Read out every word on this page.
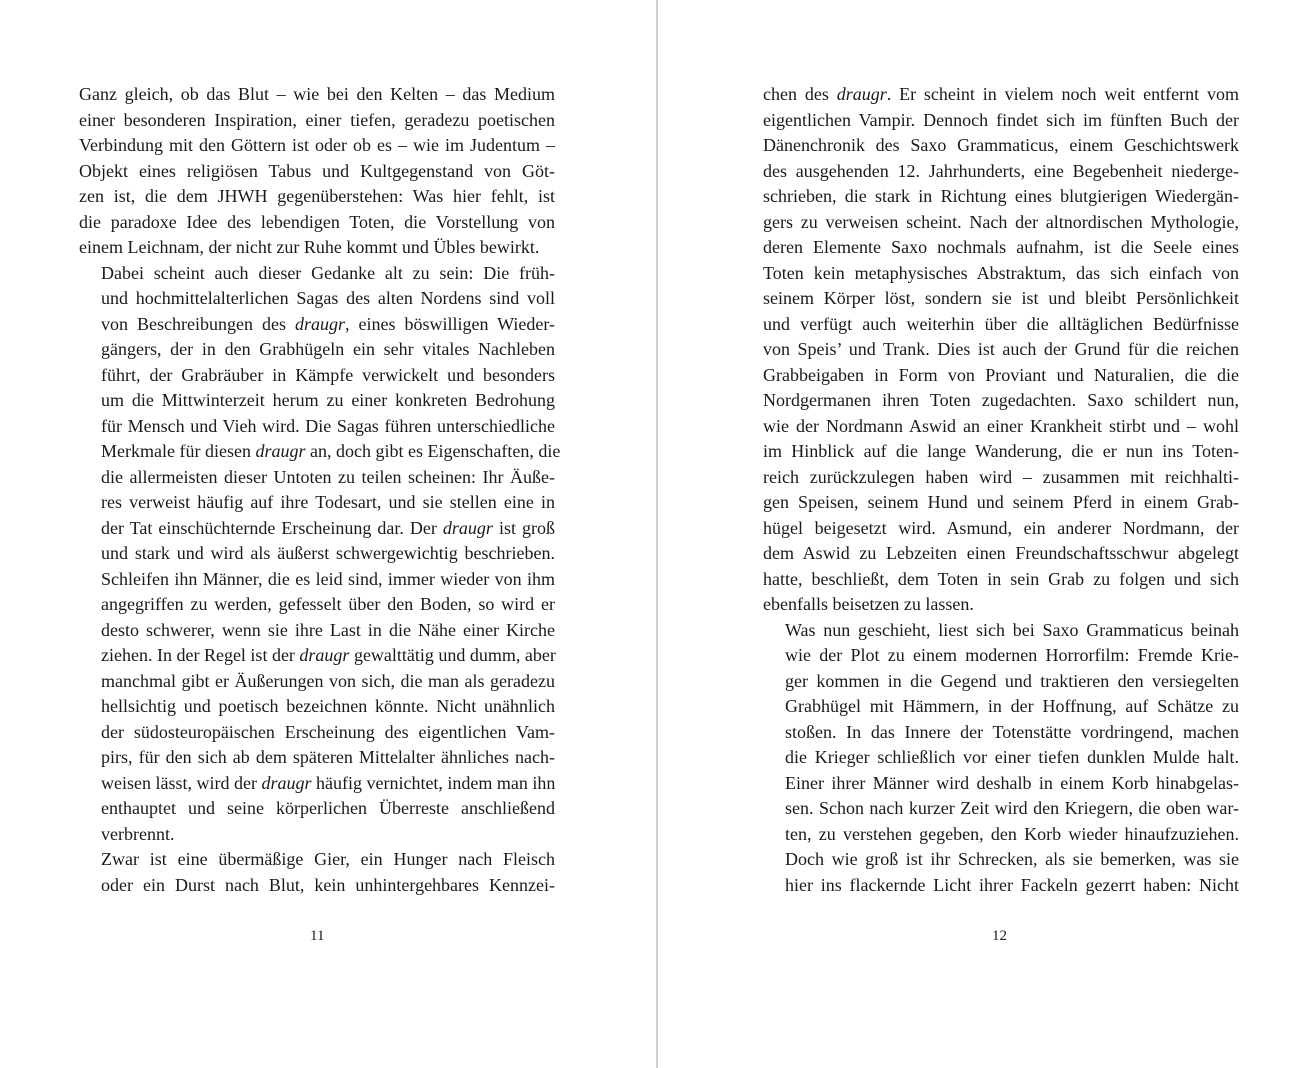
Ganz gleich, ob das Blut – wie bei den Kelten – das Medium
einer besonderen Inspiration, einer tiefen, geradezu poetischen
Verbindung mit den Göttern ist oder ob es – wie im Judentum –
Objekt eines religiösen Tabus und Kultgegenstand von Göt-
zen ist, die dem JHWH gegenüberstehen: Was hier fehlt, ist
die paradoxe Idee des lebendigen Toten, die Vorstellung von
einem Leichnam, der nicht zur Ruhe kommt und Übles bewirkt.
Dabei scheint auch dieser Gedanke alt zu sein: Die früh-
und hochmittelalterlichen Sagas des alten Nordens sind voll
von Beschreibungen des draugr, eines böswilligen Wieder-
gängers, der in den Grabhügeln ein sehr vitales Nachleben
führt, der Grabräuber in Kämpfe verwickelt und besonders
um die Mittwinterzeit herum zu einer konkreten Bedrohung
für Mensch und Vieh wird. Die Sagas führen unterschiedliche
Merkmale für diesen draugr an, doch gibt es Eigenschaften, die
die allermeisten dieser Untoten zu teilen scheinen: Ihr Äuße-
res verweist häufig auf ihre Todesart, und sie stellen eine in
der Tat einschüchternde Erscheinung dar. Der draugr ist groß
und stark und wird als äußerst schwergewichtig beschrieben.
Schleifen ihn Männer, die es leid sind, immer wieder von ihm
angegriffen zu werden, gefesselt über den Boden, so wird er
desto schwerer, wenn sie ihre Last in die Nähe einer Kirche
ziehen. In der Regel ist der draugr gewalttätig und dumm, aber
manchmal gibt er Äußerungen von sich, die man als geradezu
hellsichtig und poetisch bezeichnen könnte. Nicht unähnlich
der südosteuropäischen Erscheinung des eigentlichen Vam-
pirs, für den sich ab dem späteren Mittelalter ähnliches nach-
weisen lässt, wird der draugr häufig vernichtet, indem man ihn
enthauptet und seine körperlichen Überreste anschließend
verbrennt.
Zwar ist eine übermäßige Gier, ein Hunger nach Fleisch
oder ein Durst nach Blut, kein unhintergehbares Kennzei-
11
chen des draugr. Er scheint in vielem noch weit entfernt vom
eigentlichen Vampir. Dennoch findet sich im fünften Buch der
Dänenchronik des Saxo Grammaticus, einem Geschichtswerk
des ausgehenden 12. Jahrhunderts, eine Begebenheit niederge-
schrieben, die stark in Richtung eines blutgierigen Wiedergän-
gers zu verweisen scheint. Nach der altnordischen Mythologie,
deren Elemente Saxo nochmals aufnahm, ist die Seele eines
Toten kein metaphysisches Abstraktum, das sich einfach von
seinem Körper löst, sondern sie ist und bleibt Persönlichkeit
und verfügt auch weiterhin über die alltäglichen Bedürfnisse
von Speis’ und Trank. Dies ist auch der Grund für die reichen
Grabbeigaben in Form von Proviant und Naturalien, die die
Nordgermanen ihren Toten zugedachten. Saxo schildert nun,
wie der Nordmann Aswid an einer Krankheit stirbt und – wohl
im Hinblick auf die lange Wanderung, die er nun ins Toten-
reich zurückzulegen haben wird – zusammen mit reichhalti-
gen Speisen, seinem Hund und seinem Pferd in einem Grab-
hügel beigesetzt wird. Asmund, ein anderer Nordmann, der
dem Aswid zu Lebzeiten einen Freundschaftsschwur abgelegt
hatte, beschließt, dem Toten in sein Grab zu folgen und sich
ebenfalls beisetzen zu lassen.
Was nun geschieht, liest sich bei Saxo Grammaticus beinah
wie der Plot zu einem modernen Horrorfilm: Fremde Krie-
ger kommen in die Gegend und traktieren den versiegelten
Grabhügel mit Hämmern, in der Hoffnung, auf Schätze zu
stoßen. In das Innere der Totenstätte vordringend, machen
die Krieger schließlich vor einer tiefen dunklen Mulde halt.
Einer ihrer Männer wird deshalb in einem Korb hinabgelas-
sen. Schon nach kurzer Zeit wird den Kriegern, die oben war-
ten, zu verstehen gegeben, den Korb wieder hinaufzuziehen.
Doch wie groß ist ihr Schrecken, als sie bemerken, was sie
hier ins flackernde Licht ihrer Fackeln gezerrt haben: Nicht
12
